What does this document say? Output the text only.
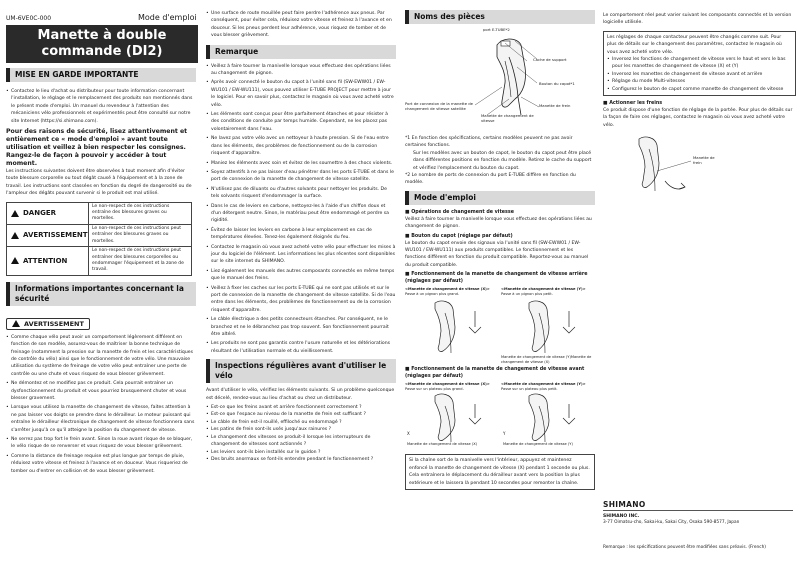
UM-6VE0C-000	Mode d'emploi
Manette à double
commande (DI2)
MISE EN GARDE IMPORTANTE
• Contactez le lieu d'achat ou distributeur pour toute information concernant l'installation, le réglage et le remplacement des produits non mentionnés dans le présent mode d'emploi. Un manuel du revendeur à l'attention des mécaniciens vélo professionnels et expérimentés peut être consulté sur notre site Internet (https://si.shimano.com).
Pour des raisons de sécurité, lisez attentivement et entièrement ce « mode d'emploi » avant toute utilisation et veillez à bien respecter les consignes. Rangez-le de façon à pouvoir y accéder à tout moment.
Les instructions suivantes doivent être observées à tout moment afin d'éviter toute blessure corporelle ou tout dégât causé à l'équipement et à la zone de travail. Les instructions sont classées en fonction du degré de dangerosité ou de l'ampleur des dégâts pouvant survenir si le produit est mal utilisé.
DANGER	Le non-respect de ces instructions entraîne des blessures graves ou mortelles.
AVERTISSEMENT	Le non-respect de ces instructions peut entraîner des blessures graves ou mortelles.
ATTENTION	Le non-respect de ces instructions peut entraîner des blessures corporelles ou endommager l'équipement et la zone de travail.
Informations importantes concernant la sécurité
AVERTISSEMENT
• Comme chaque vélo peut avoir un comportement légèrement différent en fonction de son modèle, assurez-vous de maîtriser la bonne technique de freinage (notamment la pression sur la manette de frein et les caractéristiques de contrôle du vélo) ainsi que le fonctionnement de votre vélo. Une mauvaise utilisation du système de freinage de votre vélo peut entraîner une perte de contrôle ou une chute et vous risquez de vous blesser grièvement.
• Ne démontez et ne modifiez pas ce produit. Cela pourrait entraîner un dysfonctionnement du produit et vous pourriez brusquement chuter et vous blesser gravement.
• Lorsque vous utilisez la manette de changement de vitesse, faites attention à ne pas laisser vos doigts se prendre dans le dérailleur. Le moteur puissant qui entraîne le dérailleur électronique de changement de vitesse fonctionnera sans s'arrêter jusqu'à ce qu'il atteigne la position du changement de vitesse.
• Ne serrez pas trop fort le frein avant. Sinon la roue avant risque de se bloquer, le vélo risque de se renverser et vous risquez de vous blesser grièvement.
• Comme la distance de freinage requise est plus longue par temps de pluie, réduisez votre vitesse et freinez à l'avance et en douceur. Vous risqueriez de tomber ou d'entrer en collision et de vous blesser grièvement.
• Une surface de route mouillée peut faire perdre l'adhérence aux pneus. Par conséquent, pour éviter cela, réduisez votre vitesse et freinez à l'avance et en douceur. Si les pneus perdent leur adhérence, vous risquez de tomber et de vous blesser grièvement.
Remarque
• Veillez à faire tourner la manivelle lorsque vous effectuez des opérations liées au changement de pignon.
• Après avoir connecté le bouton du capot à l'unité sans fil (SW-EWW01 / EW-WU101 / EW-WU111), vous pouvez utiliser E-TUBE PROJECT pour mettre à jour le logiciel. Pour en savoir plus, contactez le magasin où vous avez acheté votre vélo.
• Les éléments sont conçus pour être parfaitement étanches et pour résister à des conditions de conduite par temps humide. Cependant, ne les placez pas volontairement dans l'eau.
• Ne lavez pas votre vélo avec un nettoyeur à haute pression. Si de l'eau entre dans les éléments, des problèmes de fonctionnement ou de la corrosion risquent d'apparaître.
• Maniez les éléments avec soin et évitez de les soumettre à des chocs violents.
• Soyez attentifs à ne pas laisser d'eau pénétrer dans les ports E-TUBE et dans le port de connexion de la manette de changement de vitesse satellite.
• N'utilisez pas de diluants ou d'autres solvants pour nettoyer les produits. De tels solvants risquent d'endommager la surface.
• Dans le cas de leviers en carbone, nettoyez-les à l'aide d'un chiffon doux et d'un détergent neutre. Sinon, le matériau peut être endommagé et perdre sa rigidité.
• Évitez de laisser les leviers en carbone à leur emplacement en cas de températures élevées. Tenez-les également éloignés du feu.
• Contactez le magasin où vous avez acheté votre vélo pour effectuer les mises à jour du logiciel de l'élément. Les informations les plus récentes sont disponibles sur le site internet du SHIMANO.
• Liez également les manuels des autres composants connectés en même temps que le manuel des freins.
• Veillez à fixer les caches sur les ports E-TUBE qui ne sont pas utilisés et sur le port de connexion de la manette de changement de vitesse satellite. Si de l'eau entre dans les éléments, des problèmes de fonctionnement ou de la corrosion risquent d'apparaître.
• Le câble électrique a des petits connecteurs étanches. Par conséquent, ne le branchez et ne le débranchez pas trop souvent. Son fonctionnement pourrait être altéré.
• Les produits ne sont pas garantis contre l'usure naturelle et les détériorations résultant de l'utilisation normale et du vieillissement.
Inspections régulières avant d'utiliser le vélo
Avant d'utiliser le vélo, vérifiez les éléments suivants. Si un problème quelconque est décelé, rendez-vous au lieu d'achat ou chez un distributeur.
• Est-ce que les freins avant et arrière fonctionnent correctement ?
• Est-ce que l'espace au niveau de la manette de frein est suffisant ?
• Le câble de frein est-il rouillé, effiloché ou endommagé ?
• Les patins de frein sont-ils usés jusqu'aux rainures ?
• Le changement des vitesses se produit-il lorsque les interrupteurs de changement de vitesses sont actionnés ?
• Les leviers sont-ils bien installés sur le guidon ?
• Des bruits anormaux se font-ils entendre pendant le fonctionnement ?
Noms des pièces
port E-TUBE*2
Cache de support
Bouton du capot*1
Port de connexion de la manette de changement de vitesse satellite
Manette de changement de vitesse
Manette de frein
*1 En fonction des spécifications, certains modèles peuvent ne pas avoir certaines fonctions.
Sur les modèles avec un bouton de capot, le bouton du capot peut être placé dans différentes positions en fonction du modèle. Retirez le cache du support et vérifiez l'emplacement du bouton du capot.
*2 Le nombre de ports de connexion du port E-TUBE diffère en fonction du modèle.
Mode d'emploi
■ Opérations de changement de vitesse
Veillez à faire tourner la manivelle lorsque vous effectuez des opérations liées au changement de pignon.
■ Bouton du capot (réglage par défaut)
Le bouton du capot envoie des signaux via l'unité sans fil (SW-EWW01 / EW-WU101 / EW-WU111) aux produits compatibles. Le fonctionnement et les fonctions diffèrent en fonction du produit compatible. Reportez-vous au manuel du produit compatible.
■ Fonctionnement de la manette de changement de vitesse arrière (réglages par défaut)
<Manette de changement de vitesse (X)>
Passe à un pignon plus grand.
<Manette de changement de vitesse (Y)>
Passe à un pignon plus petit.
Manette de changement de vitesse (Y)Manette de changement de vitesse (X)
■ Fonctionnement de la manette de changement de vitesse avant (réglages par défaut)
<Manette de changement de vitesse (X)>
Passe sur un plateau plus grand.
<Manette de changement de vitesse (Y)>
Passe sur un plateau plus petit.
X	Y
Manette de changement de vitesse (X)	Manette de changement de vitesse (Y)
Si la chaîne sort de la manivelle vers l'intérieur, appuyez et maintenez enfoncé la manette de changement de vitesse (X) pendant 1 seconde ou plus. Cela entraînera le déplacement du dérailleur avant vers la position la plus extérieure et le laissera là pendant 10 secondes pour remonter la chaîne.
Le comportement réel peut varier suivant les composants connectés et la version logicielle utilisée.
Les réglages de chaque contacteur peuvent être changés comme suit. Pour plus de détails sur le changement des paramètres, contactez le magasin où vous avez acheté votre vélo.
• Inversez les fonctions de changement de vitesse vers le haut et vers le bas pour les manettes de changement de vitesse (X) et (Y)
• Inversez les manettes de changement de vitesse avant et arrière
• Réglage du mode Multi-vitesses
• Configurez le bouton de capot comme manette de changement de vitesse
■ Actionner les freins
Ce produit dispose d'une fonction de réglage de la portée. Pour plus de détails sur la façon de faire ces réglages, contactez le magasin où vous avez acheté votre vélo.
Manette de frein
SHIMANO
SHIMANO INC.
3-77 Oimatsu-cho, Sakai-ku, Sakai City, Osaka 590-8577, Japan
Remarque : les spécifications peuvent être modifiées sans préavis. (French)
